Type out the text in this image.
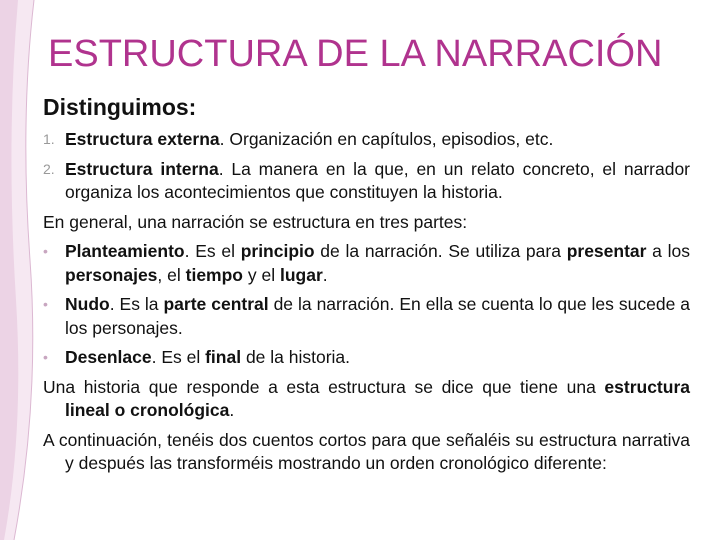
ESTRUCTURA DE LA NARRACIÓN
Distinguimos:
1. Estructura externa. Organización en capítulos, episodios, etc.
2. Estructura interna. La manera en la que, en un relato concreto, el narrador organiza los acontecimientos que constituyen la historia.
En general, una narración se estructura en tres partes:
• Planteamiento. Es el principio de la narración. Se utiliza para presentar a los personajes, el tiempo y el lugar.
• Nudo. Es la parte central de la narración. En ella se cuenta lo que les sucede a los personajes.
• Desenlace. Es el final de la historia.
Una historia que responde a esta estructura se dice que tiene una estructura lineal o cronológica.
A continuación, tenéis dos cuentos cortos para que señaléis su estructura narrativa y después las transforméis mostrando un orden cronológico diferente:
